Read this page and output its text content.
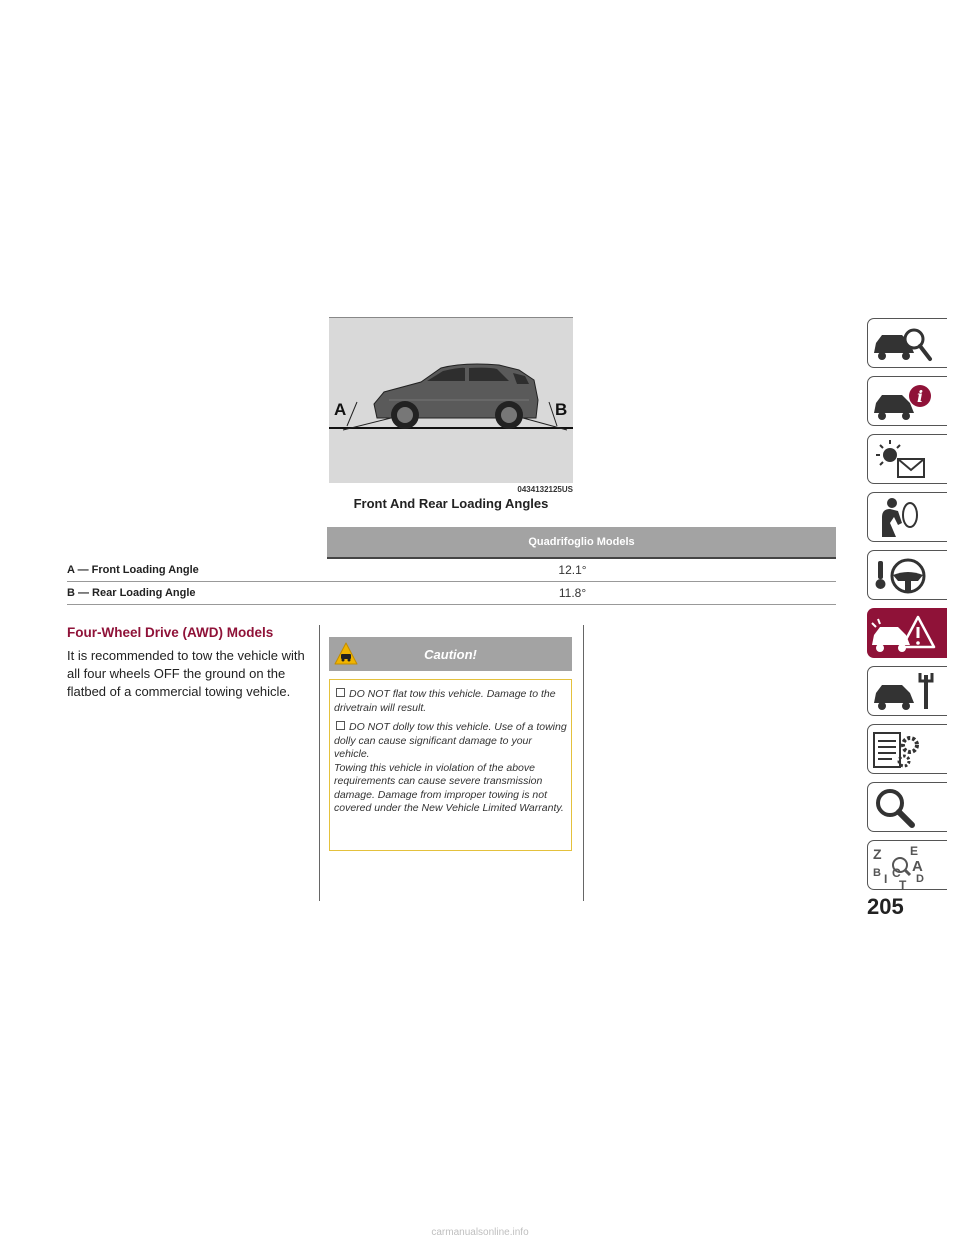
A	B
0434132125US
Front And Rear Loading Angles
	Quadrifoglio Models
A — Front Loading Angle	12.1°
B — Rear Loading Angle	11.8°
Four-Wheel Drive (AWD) Models

It is recommended to tow the vehicle with all four wheels OFF the ground on the flatbed of a commercial towing vehicle.

Caution!

DO NOT flat tow this vehicle. Damage to the drivetrain will result.

DO NOT dolly tow this vehicle. Use of a towing dolly can cause significant damage to your vehicle.

Towing this vehicle in violation of the above requirements can cause severe transmission damage. Damage from improper towing is not covered under the New Vehicle Limited Warranty.

i
Z
B I C
T
E
A
D
205
carmanualsonline.info
